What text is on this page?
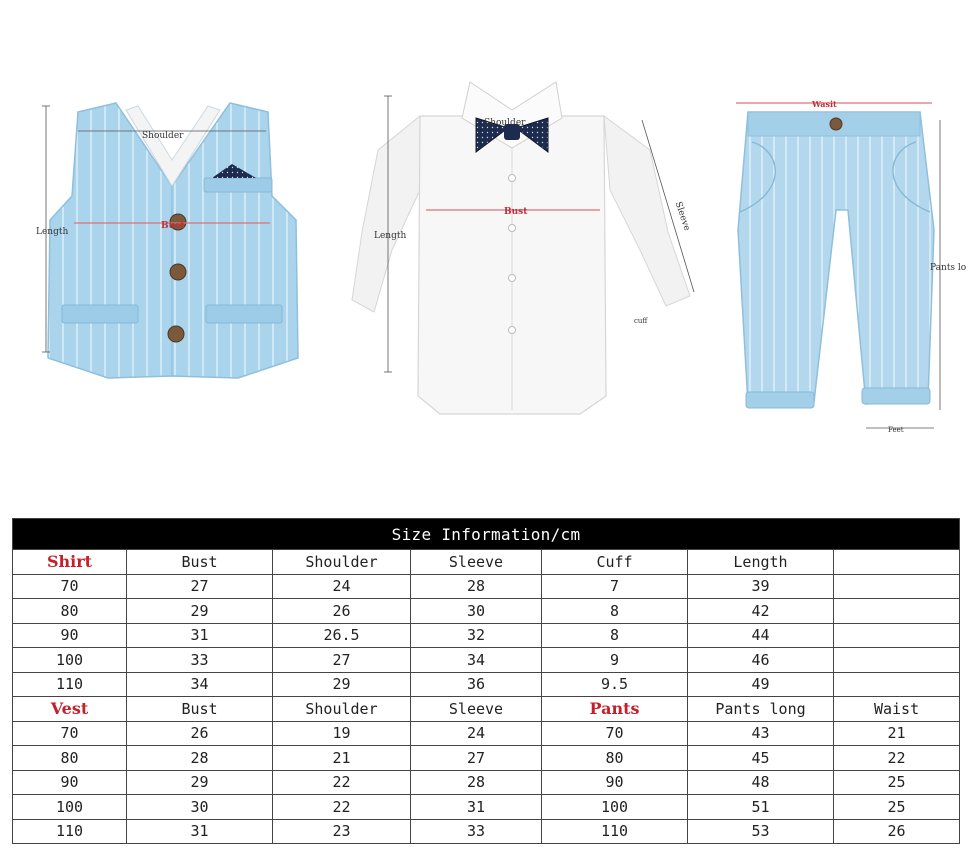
Shoulder
Bust
Length
Shoulder
Bust
Length
Sleeve
cuff
Wasit
Pants lo
Feet
Size Information/cm						
Shirt	Bust	Shoulder	Sleeve	Cuff	Length	
70	27	24	28	7	39	
80	29	26	30	8	42	
90	31	26.5	32	8	44	
100	33	27	34	9	46	
110	34	29	36	9.5	49	
Vest	Bust	Shoulder	Sleeve	Pants	Pants long	Waist
70	26	19	24	70	43	21
80	28	21	27	80	45	22
90	29	22	28	90	48	25
100	30	22	31	100	51	25
110	31	23	33	110	53	26
